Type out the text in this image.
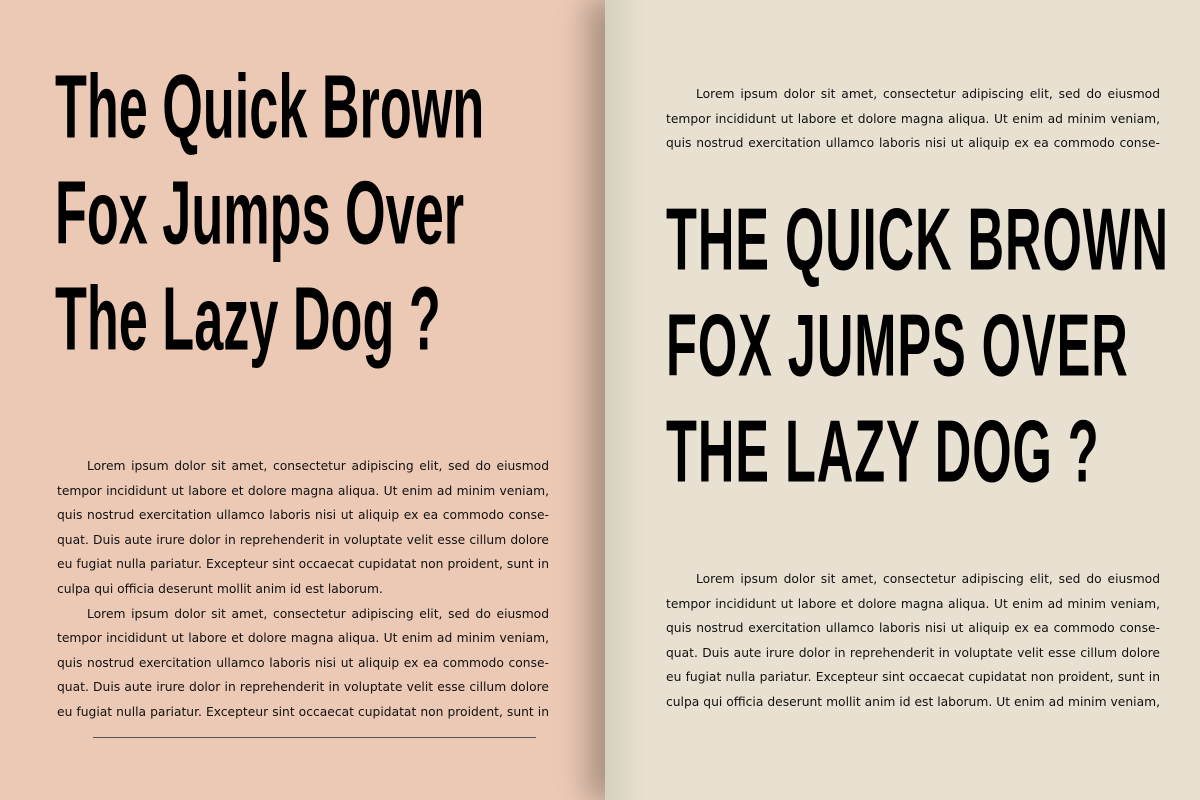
The Quick Brown
Fox Jumps Over
The Lazy Dog ?
Lorem ipsum dolor sit amet, consectetur adipiscing elit, sed do eiusmod
tempor incididunt ut labore et dolore magna aliqua. Ut enim ad minim veniam,
quis nostrud exercitation ullamco laboris nisi ut aliquip ex ea commodo conse-
quat. Duis aute irure dolor in reprehenderit in voluptate velit esse cillum dolore
eu fugiat nulla pariatur. Excepteur sint occaecat cupidatat non proident, sunt in
culpa qui officia deserunt mollit anim id est laborum.
Lorem ipsum dolor sit amet, consectetur adipiscing elit, sed do eiusmod
tempor incididunt ut labore et dolore magna aliqua. Ut enim ad minim veniam,
quis nostrud exercitation ullamco laboris nisi ut aliquip ex ea commodo conse-
quat. Duis aute irure dolor in reprehenderit in voluptate velit esse cillum dolore
eu fugiat nulla pariatur. Excepteur sint occaecat cupidatat non proident, sunt in
Lorem ipsum dolor sit amet, consectetur adipiscing elit, sed do eiusmod
tempor incididunt ut labore et dolore magna aliqua. Ut enim ad minim veniam,
quis nostrud exercitation ullamco laboris nisi ut aliquip ex ea commodo conse-
THE QUICK BROWN
FOX JUMPS OVER
THE LAZY DOG ?
Lorem ipsum dolor sit amet, consectetur adipiscing elit, sed do eiusmod
tempor incididunt ut labore et dolore magna aliqua. Ut enim ad minim veniam,
quis nostrud exercitation ullamco laboris nisi ut aliquip ex ea commodo conse-
quat. Duis aute irure dolor in reprehenderit in voluptate velit esse cillum dolore
eu fugiat nulla pariatur. Excepteur sint occaecat cupidatat non proident, sunt in
culpa qui officia deserunt mollit anim id est laborum. Ut enim ad minim veniam,
